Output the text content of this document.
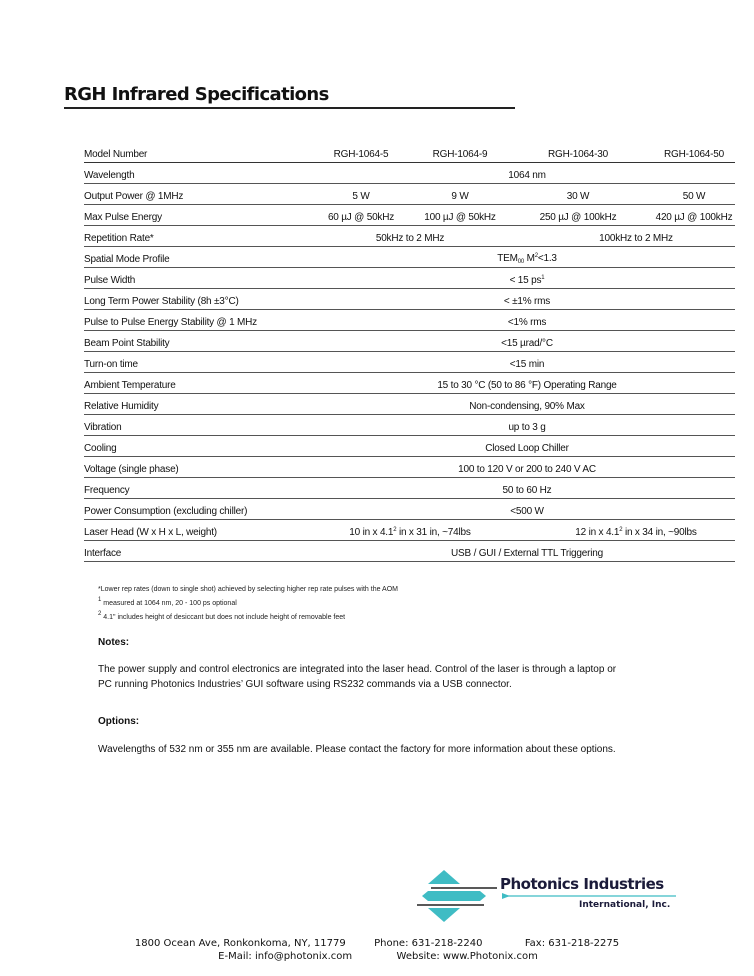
RGH Infrared Specifications
Model Number	RGH-1064-5	RGH-1064-9	RGH-1064-30	RGH-1064-50
Wavelength	1064 nm
Output Power @ 1MHz	5 W	9 W	30 W	50 W
Max Pulse Energy	60 µJ @ 50kHz	100 µJ @ 50kHz	250 µJ @ 100kHz	420 µJ @ 100kHz
Repetition Rate*	50kHz to 2 MHz	100kHz to 2 MHz
Spatial Mode Profile	$TEM_{00}$ $M^2<1.3$
Pulse Width	< 15 $ps^1$
Long Term Power Stability (8h ±3°C)	< ±1% rms
Pulse to Pulse Energy Stability @ 1 MHz	<1% rms
Beam Point Stability	<15 µrad/°C
Turn-on time	<15 min
Ambient Temperature	15 to 30 °C (50 to 86 °F) Operating Range
Relative Humidity	Non-condensing, 90% Max
Vibration	up to 3 g
Cooling	Closed Loop Chiller
Voltage (single phase)	100 to 120 V or 200 to 240 V AC
Frequency	50 to 60 Hz
Power Consumption (excluding chiller)	<500 W
Laser Head (W x H x L, weight)	10 in x $4.1^2$ in x 31 in, ~74lbs	12 in x $4.1^2$ in x 34 in, ~90lbs
Interface	USB / GUI / External TTL Triggering
*Lower rep rates (down to single shot) achieved by selecting higher rep rate pulses with the AOM
$^1$ measured at 1064 nm, 20 - 100 ps optional
$^2$ 4.1" includes height of desiccant but does not include height of removable feet
Notes:
The power supply and control electronics are integrated into the laser head. Control of the laser is through a laptop or PC running Photonics Industries’ GUI software using RS232 commands via a USB connector.
Options:
Wavelengths of 532 nm or 355 nm are available. Please contact the factory for more information about these options.
Photonics Industries
International, Inc.
1800 Ocean Ave, Ronkonkoma, NY, 11779	Phone: 631-218-2240	Fax: 631-218-2275
E-Mail: info@photonix.com	Website: www.Photonix.com
